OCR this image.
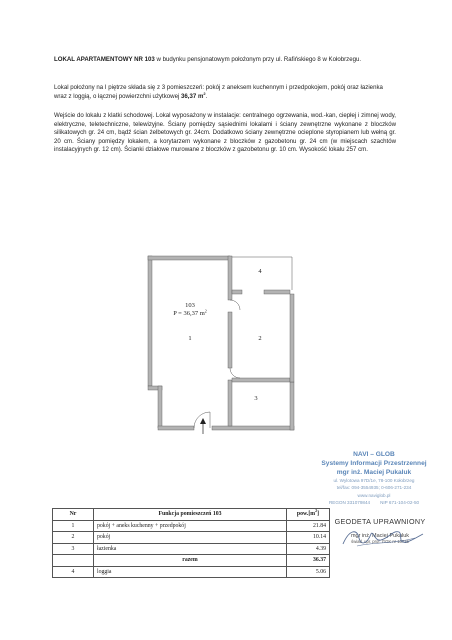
LOKAL APARTAMENTOWY NR 103 w budynku pensjonatowym położonym przy ul. Rafińskiego 8 w Kołobrzegu.
Lokal położony na I piętrze składa się z 3 pomieszczeń: pokój z aneksem kuchennym i przedpokojem, pokój oraz łazienka wraz z loggią, o łącznej powierzchni użytkowej 36,37 $m^2$.
Wejście do lokalu z klatki schodowej. Lokal wyposażony w instalacje: centralnego ogrzewania, wod.-kan, ciepłej i zimnej wody, elektryczne, teletechniczne, telewizyjne. Ściany pomiędzy sąsiednimi lokalami i ściany zewnętrzne wykonane z bloczków silikatowych gr. 24 cm, bądź ścian żelbetowych gr. 24cm. Dodatkowo ściany zewnętrzne ocieplone styropianem lub wełną gr. 20 cm. Ściany pomiędzy lokalem, a korytarzem wykonane z bloczków z gazobetonu gr. 24 cm (w miejscach szachtów instalacyjnych gr. 12 cm). Ścianki działowe murowane z bloczków z gazobetonu gr. 10 cm. Wysokość lokalu 257 cm.
103
P = 36,37 $m^2$
1	2
3
4
NAVI – GLOB
Systemy Informacji Przestrzennej
mgr inż. Maciej Pukaluk
ul. Wylotowa 97D/1e, 78-100 Kołobrzeg
tel/fax: 094-3554935; 0-606-271-234
www.naviglob.pl
REGON 331079844 NIP 671-104-02-50
GEODETA UPRAWNIONY
mgr inż. Maciej Pukaluk
świad. upr. prof. GGK nr 16715
Nr	Funkcja pomieszczeń 103	$pow.[m^2]$
1	pokój + aneks kuchenny + przedpokój	21.84
2	pokój	10.14
3	łazienka	4.39
	razem	36.37
4	loggia	5.06
